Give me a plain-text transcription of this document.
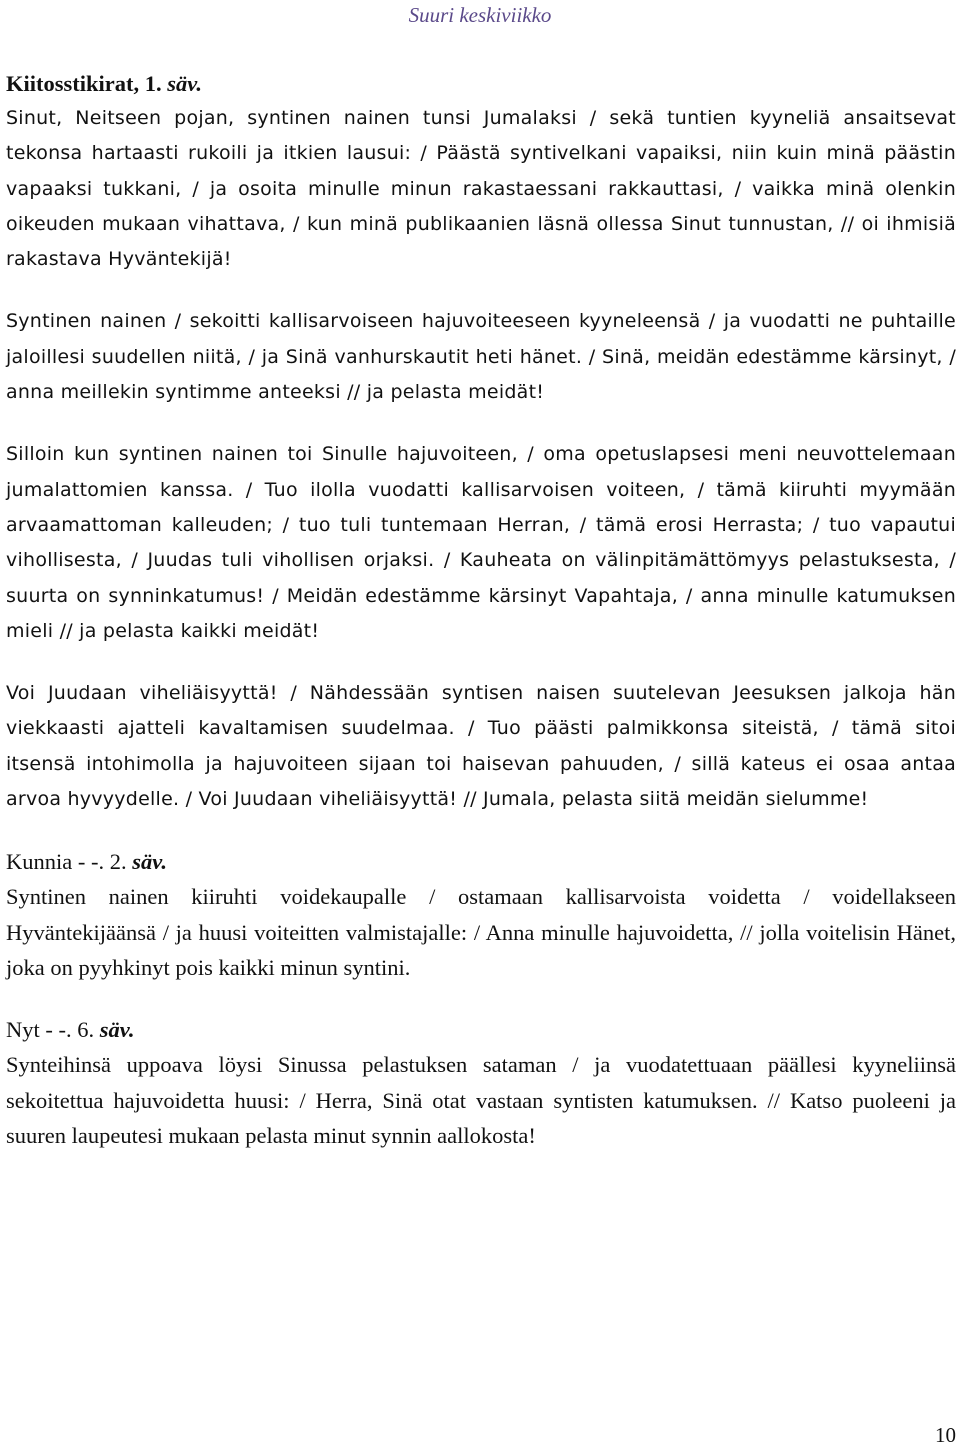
Suuri keskiviikko
Kiitosstikirat, 1. säv.

Sinut, Neitseen pojan, syntinen nainen tunsi Jumalaksi / sekä tuntien kyyneliä ansaitsevat tekonsa hartaasti rukoili ja itkien lausui: / Päästä syntivelkani vapaiksi, niin kuin minä päästin vapaaksi tukkani, / ja osoita minulle minun rakastaessani rakkauttasi, / vaikka minä olenkin oikeuden mukaan vihattava, / kun minä publikaanien läsnä ollessa Sinut tunnustan, // oi ihmisiä rakastava Hyväntekijä!

Syntinen nainen / sekoitti kallisarvoiseen hajuvoiteeseen kyyneleensä / ja vuodatti ne puhtaille jaloillesi suudellen niitä, / ja Sinä vanhurskautit heti hänet. / Sinä, meidän edestämme kärsinyt, / anna meillekin syntimme anteeksi // ja pelasta meidät!

Silloin kun syntinen nainen toi Sinulle hajuvoiteen, / oma opetuslapsesi meni neuvottelemaan jumalattomien kanssa. / Tuo ilolla vuodatti kallisarvoisen voiteen, / tämä kiiruhti myymään arvaamattoman kalleuden; / tuo tuli tuntemaan Herran, / tämä erosi Herrasta; / tuo vapautui vihollisesta, / Juudas tuli vihollisen orjaksi. / Kauheata on välinpitämättömyys pelastuksesta, / suurta on synninkatumus! / Meidän edestämme kärsinyt Vapahtaja, / anna minulle katumuksen mieli // ja pelasta kaikki meidät!

Voi Juudaan viheliäisyyttä! / Nähdessään syntisen naisen suutelevan Jeesuksen jalkoja hän viekkaasti ajatteli kavaltamisen suudelmaa. / Tuo päästi palmikkonsa siteistä, / tämä sitoi itsensä intohimolla ja hajuvoiteen sijaan toi haisevan pahuuden, / sillä kateus ei osaa antaa arvoa hyvyydelle. / Voi Juudaan viheliäisyyttä! // Jumala, pelasta siitä meidän sielumme!

Kunnia - -. 2. säv.

Syntinen nainen kiiruhti voidekaupalle / ostamaan kallisarvoista voidetta / voidellakseen Hyväntekijäänsä / ja huusi voiteitten valmistajalle: / Anna minulle hajuvoidetta, // jolla voitelisin Hänet, joka on pyyhkinyt pois kaikki minun syntini.

Nyt - -. 6. säv.

Synteihinsä uppoava löysi Sinussa pelastuksen sataman / ja vuodatettuaan päällesi kyyneliinsä sekoitettua hajuvoidetta huusi: / Herra, Sinä otat vastaan syntisten katumuksen. // Katso puoleeni ja suuren laupeutesi mukaan pelasta minut synnin aallokosta!

10
